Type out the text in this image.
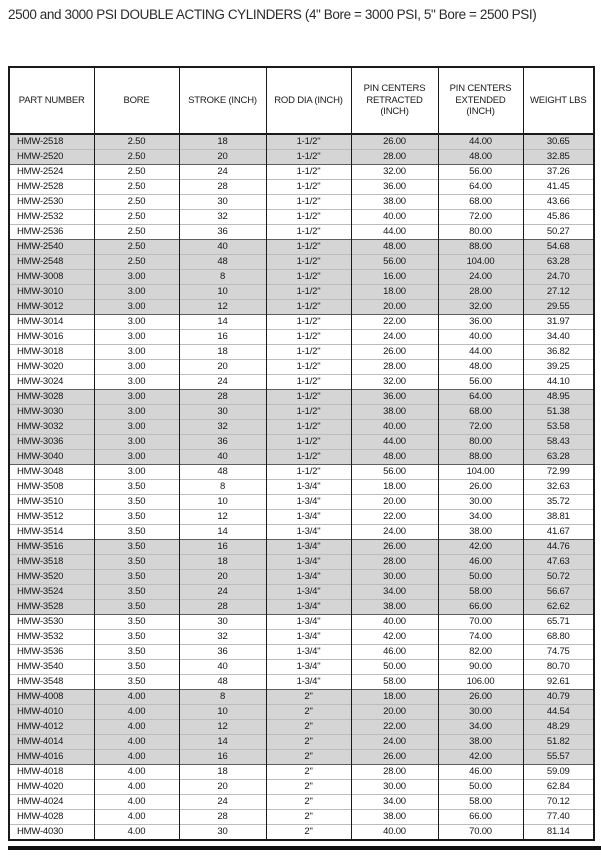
2500 and 3000 PSI DOUBLE ACTING CYLINDERS (4" Bore = 3000 PSI, 5" Bore = 2500 PSI)
PART NUMBER	BORE	STROKE (INCH)	ROD DIA (INCH)	PIN CENTERS RETRACTED (INCH)	PIN CENTERS EXTENDED (INCH)	WEIGHT LBS
HMW-2518	2.50	18	1-1/2"	26.00	44.00	30.65
HMW-2520	2.50	20	1-1/2"	28.00	48.00	32.85
HMW-2524	2.50	24	1-1/2"	32.00	56.00	37.26
HMW-2528	2.50	28	1-1/2"	36.00	64.00	41.45
HMW-2530	2.50	30	1-1/2"	38.00	68.00	43.66
HMW-2532	2.50	32	1-1/2"	40.00	72.00	45.86
HMW-2536	2.50	36	1-1/2"	44.00	80.00	50.27
HMW-2540	2.50	40	1-1/2"	48.00	88.00	54.68
HMW-2548	2.50	48	1-1/2"	56.00	104.00	63.28
HMW-3008	3.00	8	1-1/2"	16.00	24.00	24.70
HMW-3010	3.00	10	1-1/2"	18.00	28.00	27.12
HMW-3012	3.00	12	1-1/2"	20.00	32.00	29.55
HMW-3014	3.00	14	1-1/2"	22.00	36.00	31.97
HMW-3016	3.00	16	1-1/2"	24.00	40.00	34.40
HMW-3018	3.00	18	1-1/2"	26.00	44.00	36.82
HMW-3020	3.00	20	1-1/2"	28.00	48.00	39.25
HMW-3024	3.00	24	1-1/2"	32.00	56.00	44.10
HMW-3028	3.00	28	1-1/2"	36.00	64.00	48.95
HMW-3030	3.00	30	1-1/2"	38.00	68.00	51.38
HMW-3032	3.00	32	1-1/2"	40.00	72.00	53.58
HMW-3036	3.00	36	1-1/2"	44.00	80.00	58.43
HMW-3040	3.00	40	1-1/2"	48.00	88.00	63.28
HMW-3048	3.00	48	1-1/2"	56.00	104.00	72.99
HMW-3508	3.50	8	1-3/4"	18.00	26.00	32.63
HMW-3510	3.50	10	1-3/4"	20.00	30.00	35.72
HMW-3512	3.50	12	1-3/4"	22.00	34.00	38.81
HMW-3514	3.50	14	1-3/4"	24.00	38.00	41.67
HMW-3516	3.50	16	1-3/4"	26.00	42.00	44.76
HMW-3518	3.50	18	1-3/4"	28.00	46.00	47.63
HMW-3520	3.50	20	1-3/4"	30.00	50.00	50.72
HMW-3524	3.50	24	1-3/4"	34.00	58.00	56.67
HMW-3528	3.50	28	1-3/4"	38.00	66.00	62.62
HMW-3530	3.50	30	1-3/4"	40.00	70.00	65.71
HMW-3532	3.50	32	1-3/4"	42.00	74.00	68.80
HMW-3536	3.50	36	1-3/4"	46.00	82.00	74.75
HMW-3540	3.50	40	1-3/4"	50.00	90.00	80.70
HMW-3548	3.50	48	1-3/4"	58.00	106.00	92.61
HMW-4008	4.00	8	2"	18.00	26.00	40.79
HMW-4010	4.00	10	2"	20.00	30.00	44.54
HMW-4012	4.00	12	2"	22.00	34.00	48.29
HMW-4014	4.00	14	2"	24.00	38.00	51.82
HMW-4016	4.00	16	2"	26.00	42.00	55.57
HMW-4018	4.00	18	2"	28.00	46.00	59.09
HMW-4020	4.00	20	2"	30.00	50.00	62.84
HMW-4024	4.00	24	2"	34.00	58.00	70.12
HMW-4028	4.00	28	2"	38.00	66.00	77.40
HMW-4030	4.00	30	2"	40.00	70.00	81.14
